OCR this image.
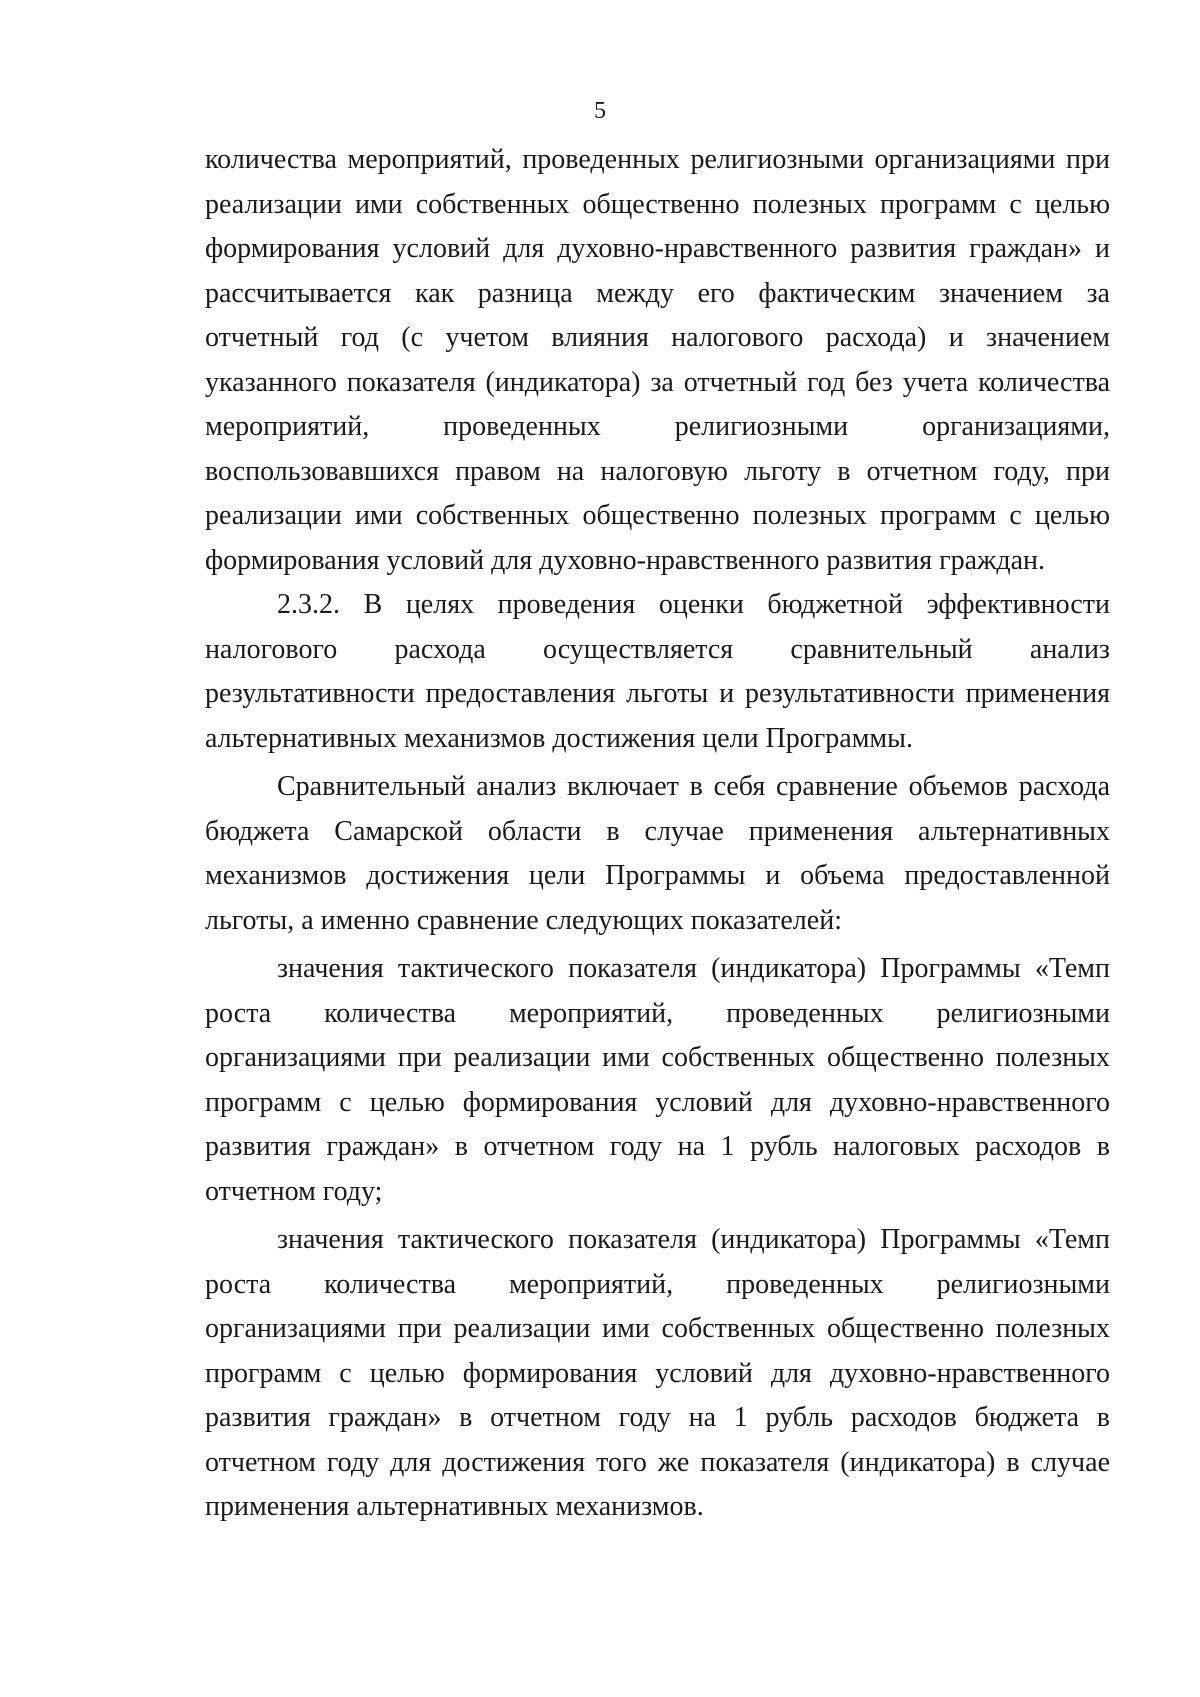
5

количества мероприятий, проведенных религиозными организациями при реализации ими собственных общественно полезных программ с целью формирования условий для духовно-нравственного развития граждан» и рассчитывается как разница между его фактическим значением за отчетный год (с учетом влияния налогового расхода) и значением указанного показателя (индикатора) за отчетный год без учета количества мероприятий, проведенных религиозными организациями, воспользовавшихся правом на налоговую льготу в отчетном году, при реализации ими собственных общественно полезных программ с целью формирования условий для духовно-нравственного развития граждан.

2.3.2. В целях проведения оценки бюджетной эффективности налогового расхода осуществляется сравнительный анализ результативности предоставления льготы и результативности применения альтернативных механизмов достижения цели Программы.

Сравнительный анализ включает в себя сравнение объемов расхода бюджета Самарской области в случае применения альтернативных механизмов достижения цели Программы и объема предоставленной льготы, а именно сравнение следующих показателей:

значения тактического показателя (индикатора) Программы «Темп роста количества мероприятий, проведенных религиозными организациями при реализации ими собственных общественно полезных программ с целью формирования условий для духовно-нравственного развития граждан» в отчетном году на 1 рубль налоговых расходов в отчетном году;

значения тактического показателя (индикатора) Программы «Темп роста количества мероприятий, проведенных религиозными организациями при реализации ими собственных общественно полезных программ с целью формирования условий для духовно-нравственного развития граждан» в отчетном году на 1 рубль расходов бюджета в отчетном году для достижения того же показателя (индикатора) в случае применения альтернативных механизмов.
